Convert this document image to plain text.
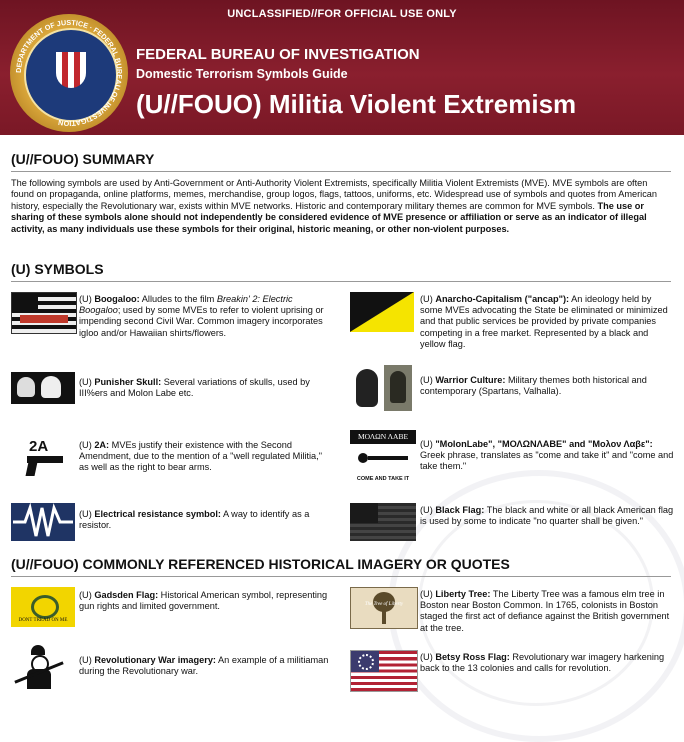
UNCLASSIFIED//FOR OFFICIAL USE ONLY
DEPARTMENT OF JUSTICE · FEDERAL BUREAU OF INVESTIGATION
FEDERAL BUREAU OF INVESTIGATION
Domestic Terrorism Symbols Guide
(U//FOUO) Militia Violent Extremism
(U//FOUO) SUMMARY
The following symbols are used by Anti-Government or Anti-Authority Violent Extremists, specifically Militia Violent Extremists (MVE). MVE symbols are often found on propaganda, online platforms, memes, merchandise, group logos, flags, tattoos, uniforms, etc. Widespread use of symbols and quotes from American history, especially the Revolutionary war, exists within MVE networks. Historic and contemporary military themes are common for MVE symbols. The use or sharing of these symbols alone should not independently be considered evidence of MVE presence or affiliation or serve as an indicator of illegal activity, as many individuals use these symbols for their original, historic meaning, or other non-violent purposes.
(U) SYMBOLS
(U) Boogaloo: Alludes to the film Breakin' 2: Electric Boogaloo; used by some MVEs to refer to violent uprising or impending second Civil War. Common imagery incorporates igloo and/or Hawaiian shirts/flowers.
(U) Anarcho-Capitalism ("ancap"): An ideology held by some MVEs advocating the State be eliminated or minimized and that public services be provided by private companies competing in a free market. Represented by a black and yellow flag.
(U) Punisher Skull: Several variations of skulls, used by III%ers and Molon Labe etc.
(U) Warrior Culture: Military themes both historical and contemporary (Spartans, Valhalla).
2A	(U) 2A: MVEs justify their existence with the Second Amendment, due to the mention of a "well regulated Militia," as well as the right to bear arms.
ΜΟΛΩΝ ΛΑΒΕ
COME AND TAKE IT
(U) "MolonLabe", "ΜΟΛΩΝΛΑΒΕ" and "Μολον Λαβε": Greek phrase, translates as "come and take it" and "come and take them."
(U) Electrical resistance symbol: A way to identify as a resistor.
(U) Black Flag: The black and white or all black American flag is used by some to indicate "no quarter shall be given."
(U//FOUO) COMMONLY REFERENCED HISTORICAL IMAGERY OR QUOTES
DONT TREAD ON ME
(U) Gadsden Flag: Historical American symbol, representing gun rights and limited government.	The Tree of Liberty
(U) Liberty Tree: The Liberty Tree was a famous elm tree in Boston near Boston Common. In 1765, colonists in Boston staged the first act of defiance against the British government at the tree.
(U) Revolutionary War imagery: An example of a militiaman during the Revolutionary war.
(U) Betsy Ross Flag: Revolutionary war imagery harkening back to the 13 colonies and calls for revolution.
